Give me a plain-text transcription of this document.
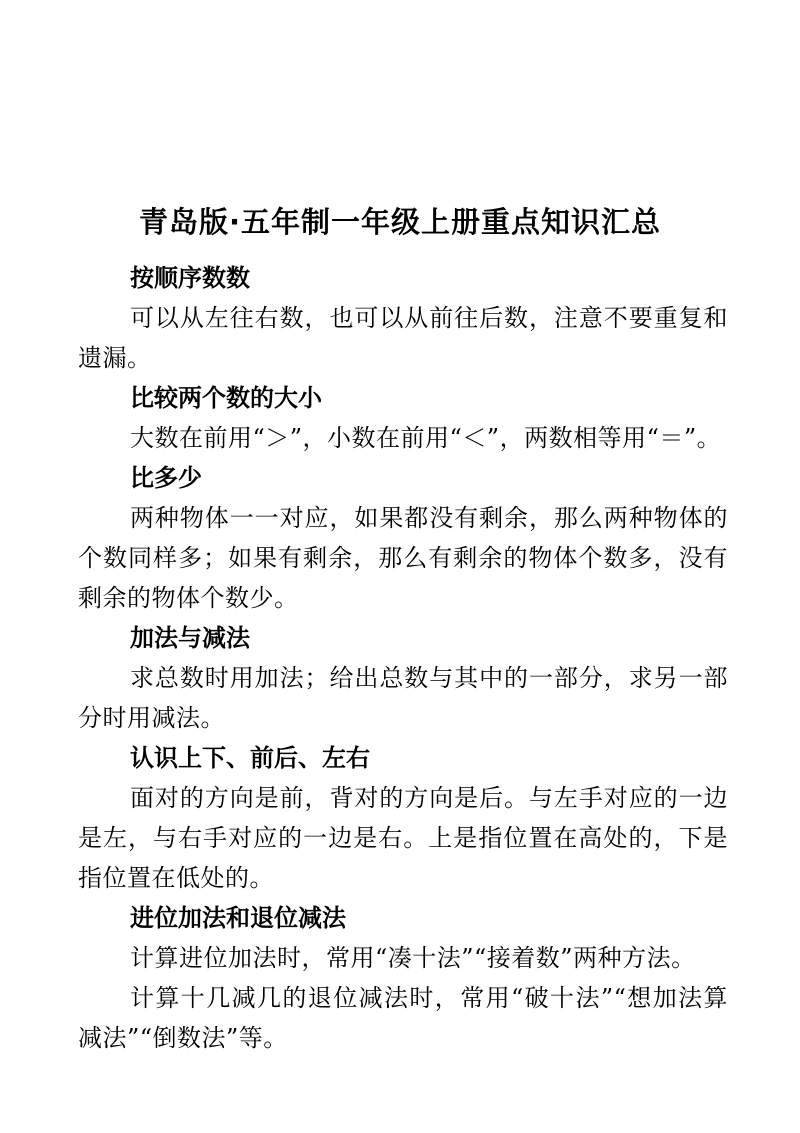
青岛版·五年制一年级上册重点知识汇总
按顺序数数

可以从左往右数，也可以从前往后数，注意不要重复和遗漏。

比较两个数的大小

大数在前用“＞”，小数在前用“＜”，两数相等用“＝”。

比多少

两种物体一一对应，如果都没有剩余，那么两种物体的个数同样多；如果有剩余，那么有剩余的物体个数多，没有剩余的物体个数少。

加法与减法

求总数时用加法；给出总数与其中的一部分，求另一部分时用减法。

认识上下、前后、左右

面对的方向是前，背对的方向是后。与左手对应的一边是左，与右手对应的一边是右。上是指位置在高处的，下是指位置在低处的。

进位加法和退位减法

计算进位加法时，常用“凑十法”“接着数”两种方法。

计算十几减几的退位减法时，常用“破十法”“想加法算减法”“倒数法”等。
